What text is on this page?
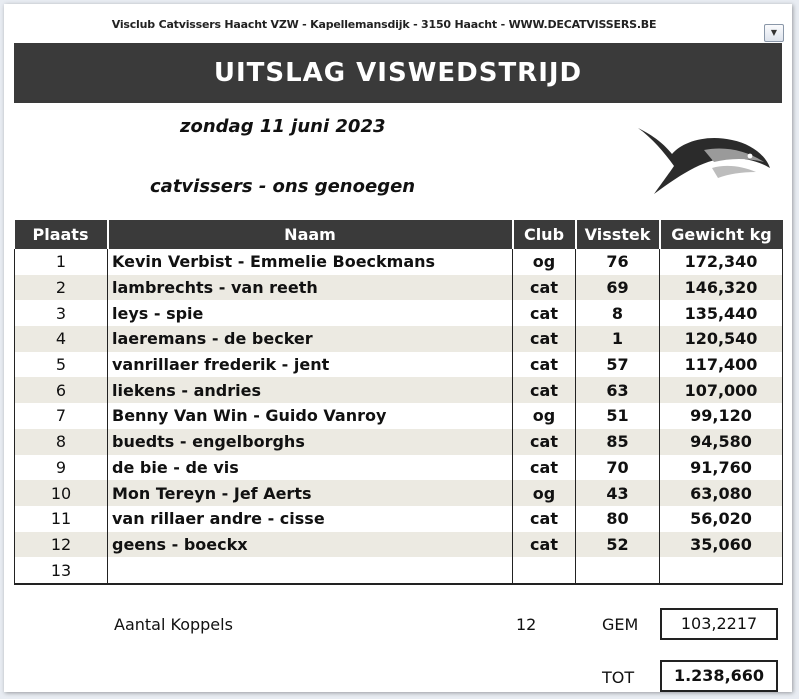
Visclub Catvissers Haacht VZW - Kapellemansdijk - 3150 Haacht - WWW.DECATVISSERS.BE
▼
UITSLAG VISWEDSTRIJD
zondag 11 juni 2023
catvissers - ons genoegen
Plaats	Naam	Club	Visstek	Gewicht kg
1	Kevin Verbist - Emmelie Boeckmans	og	76	172,340
2	lambrechts - van reeth	cat	69	146,320
3	leys - spie	cat	8	135,440
4	laeremans - de becker	cat	1	120,540
5	vanrillaer frederik - jent	cat	57	117,400
6	liekens - andries	cat	63	107,000
7	Benny Van Win - Guido Vanroy	og	51	99,120
8	buedts - engelborghs	cat	85	94,580
9	de bie - de vis	cat	70	91,760
10	Mon Tereyn - Jef Aerts	og	43	63,080
11	van rillaer andre - cisse	cat	80	56,020
12	geens - boeckx	cat	52	35,060
13				
Aantal Koppels	12	GEM	103,2217
TOT	1.238,660
